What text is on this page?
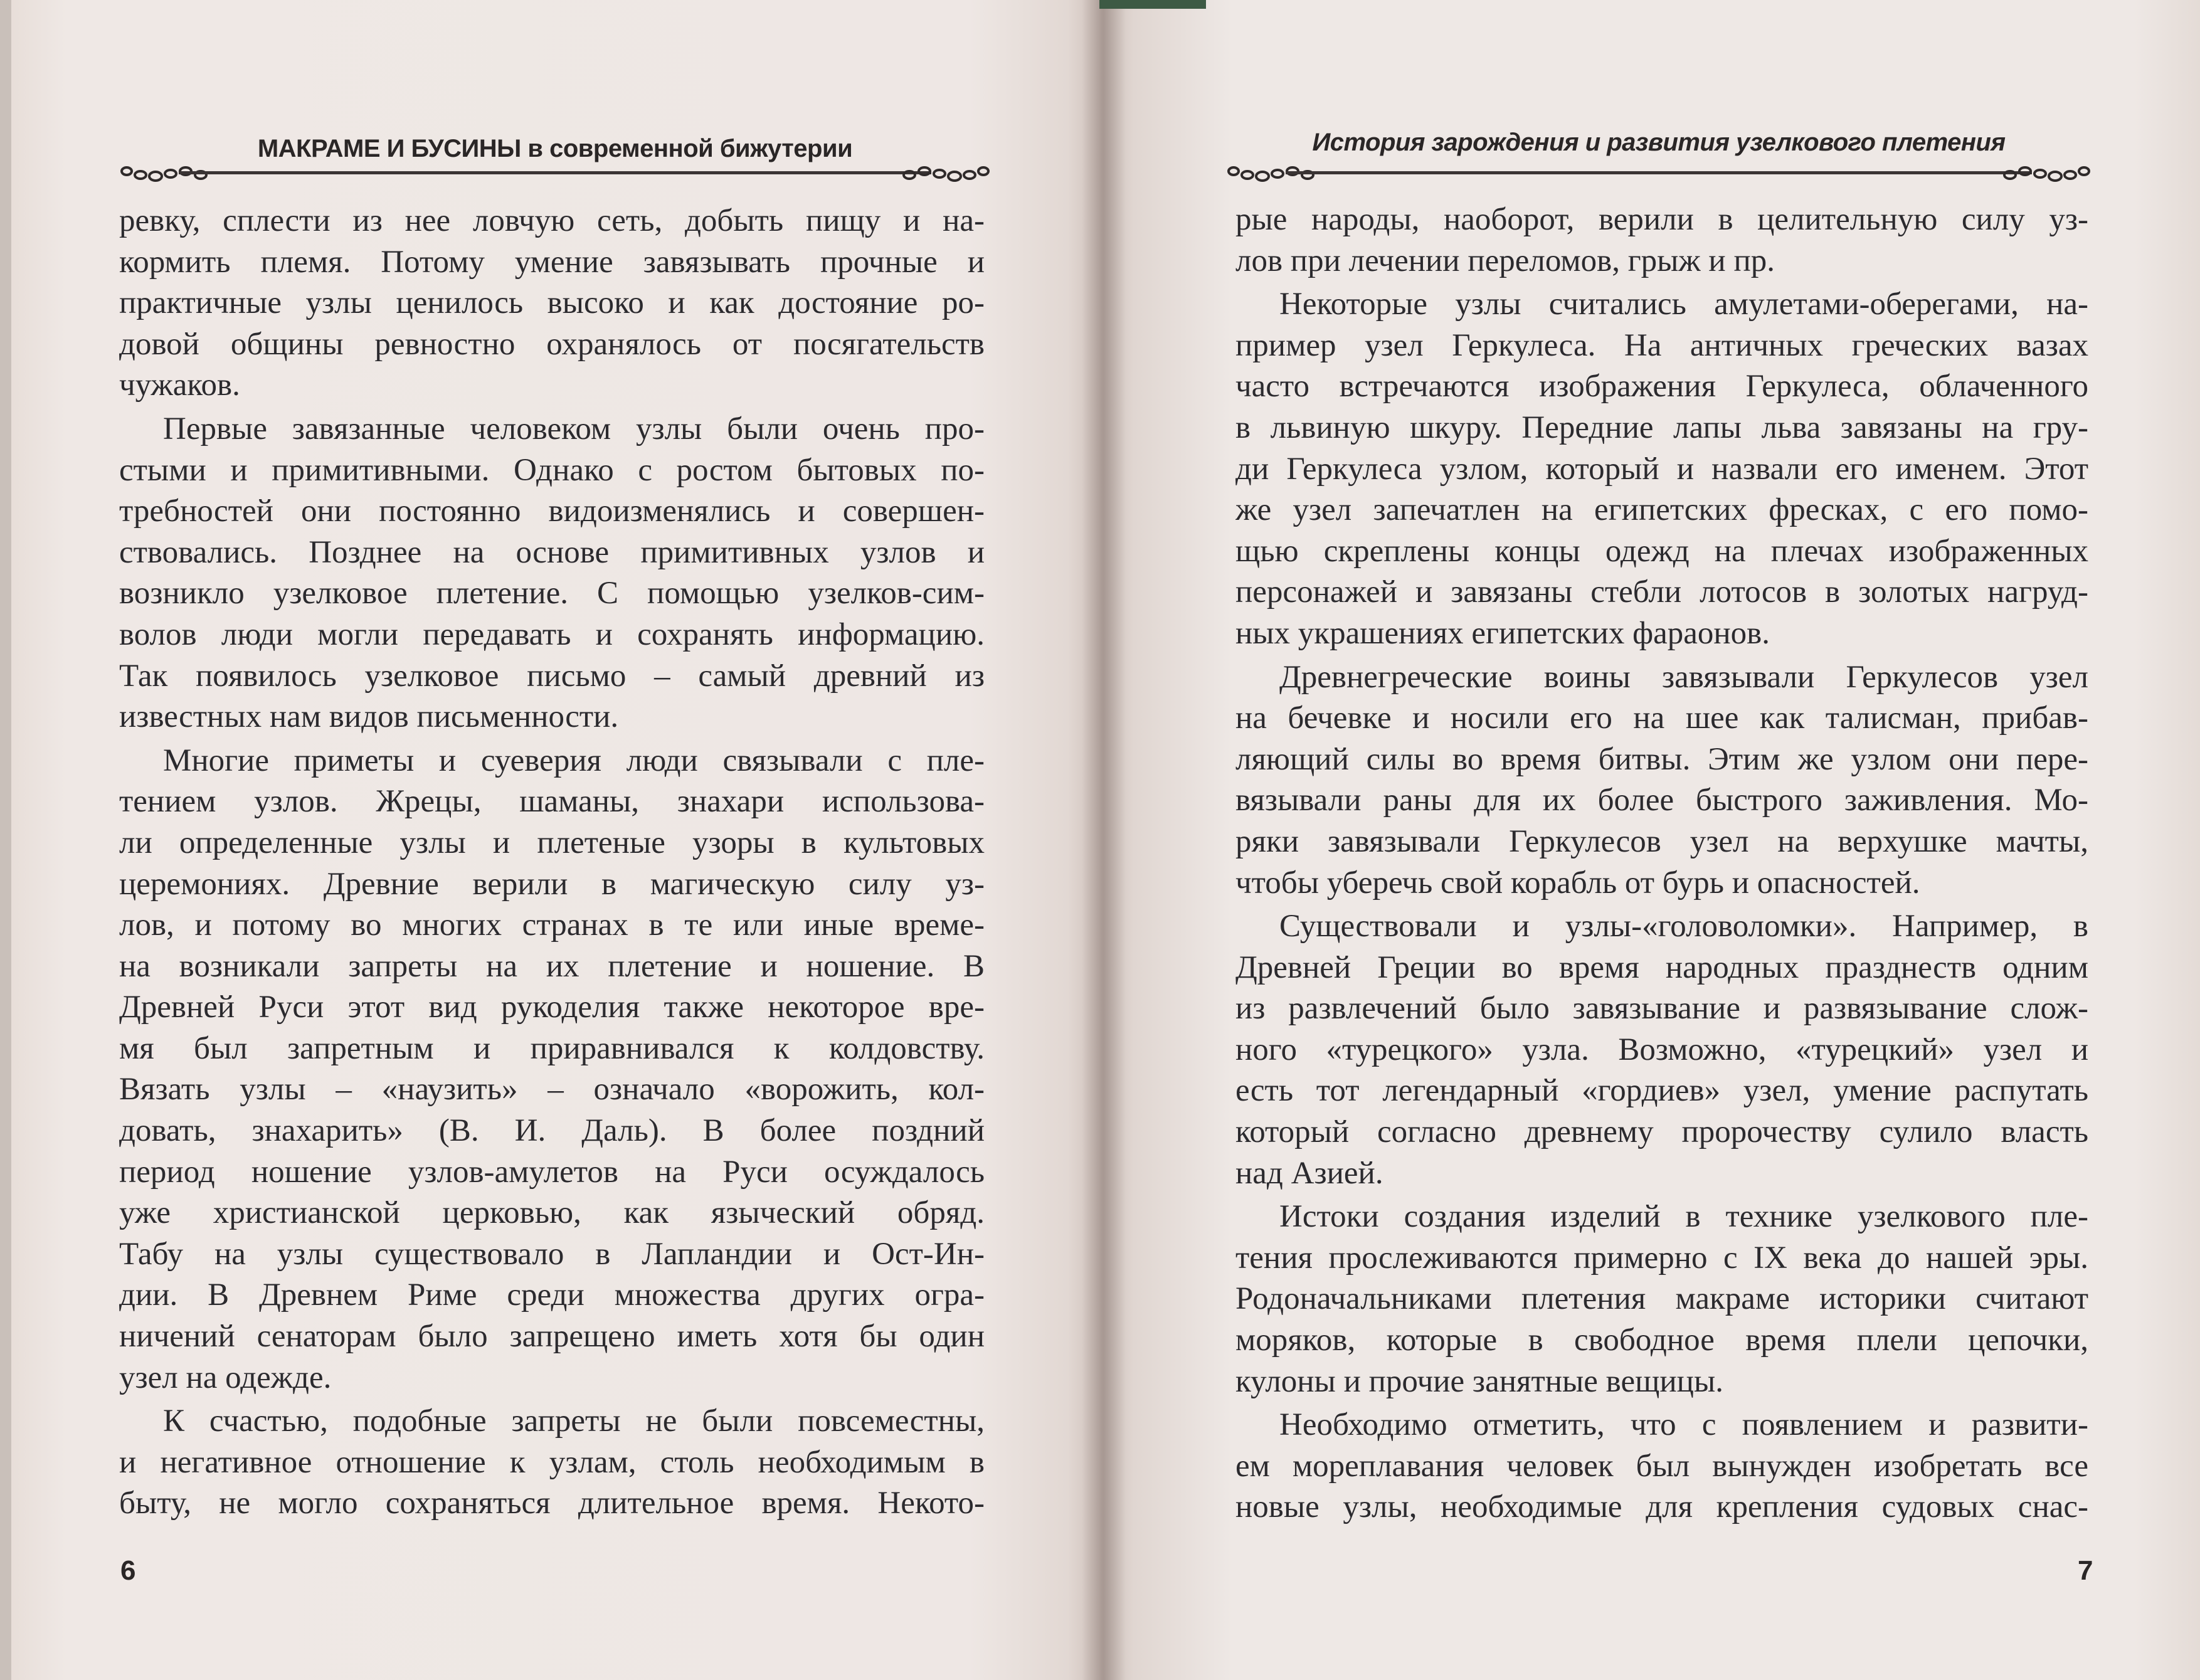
МАКРАМЕ И БУСИНЫ в современной бижутерии
ревку, сплести из нее ловчую сеть, добыть пищу и на-
кормить племя. Потому умение завязывать прочные и
практичные узлы ценилось высоко и как достояние ро-
довой общины ревностно охранялось от посягательств
чужаков.
Первые завязанные человеком узлы были очень про-
стыми и примитивными. Однако с ростом бытовых по-
требностей они постоянно видоизменялись и совершен-
ствовались. Позднее на основе примитивных узлов и
возникло узелковое плетение. С помощью узелков-сим-
волов люди могли передавать и сохранять информацию.
Так появилось узелковое письмо – самый древний из
известных нам видов письменности.
Многие приметы и суеверия люди связывали с пле-
тением узлов. Жрецы, шаманы, знахари использова-
ли определенные узлы и плетеные узоры в культовых
церемониях. Древние верили в магическую силу уз-
лов, и потому во многих странах в те или иные време-
на возникали запреты на их плетение и ношение. В
Древней Руси этот вид рукоделия также некоторое вре-
мя был запретным и приравнивался к колдовству.
Вязать узлы – «наузить» – означало «ворожить, кол-
довать, знахарить» (В. И. Даль). В более поздний
период ношение узлов-амулетов на Руси осуждалось
уже христианской церковью, как языческий обряд.
Табу на узлы существовало в Лапландии и Ост-Ин-
дии. В Древнем Риме среди множества других огра-
ничений сенаторам было запрещено иметь хотя бы один
узел на одежде.
К счастью, подобные запреты не были повсеместны,
и негативное отношение к узлам, столь необходимым в
быту, не могло сохраняться длительное время. Некото-
6
История зарождения и развития узелкового плетения
рые народы, наоборот, верили в целительную силу уз-
лов при лечении переломов, грыж и пр.
Некоторые узлы считались амулетами-оберегами, на-
пример узел Геркулеса. На античных греческих вазах
часто встречаются изображения Геркулеса, облаченного
в львиную шкуру. Передние лапы льва завязаны на гру-
ди Геркулеса узлом, который и назвали его именем. Этот
же узел запечатлен на египетских фресках, с его помо-
щью скреплены концы одежд на плечах изображенных
персонажей и завязаны стебли лотосов в золотых нагруд-
ных украшениях египетских фараонов.
Древнегреческие воины завязывали Геркулесов узел
на бечевке и носили его на шее как талисман, прибав-
ляющий силы во время битвы. Этим же узлом они пере-
вязывали раны для их более быстрого заживления. Мо-
ряки завязывали Геркулесов узел на верхушке мачты,
чтобы уберечь свой корабль от бурь и опасностей.
Существовали и узлы-«головоломки». Например, в
Древней Греции во время народных празднеств одним
из развлечений было завязывание и развязывание слож-
ного «турецкого» узла. Возможно, «турецкий» узел и
есть тот легендарный «гордиев» узел, умение распутать
который согласно древнему пророчеству сулило власть
над Азией.
Истоки создания изделий в технике узелкового пле-
тения прослеживаются примерно с IX века до нашей эры.
Родоначальниками плетения макраме историки считают
моряков, которые в свободное время плели цепочки,
кулоны и прочие занятные вещицы.
Необходимо отметить, что с появлением и развити-
ем мореплавания человек был вынужден изобретать все
новые узлы, необходимые для крепления судовых снас-
7
